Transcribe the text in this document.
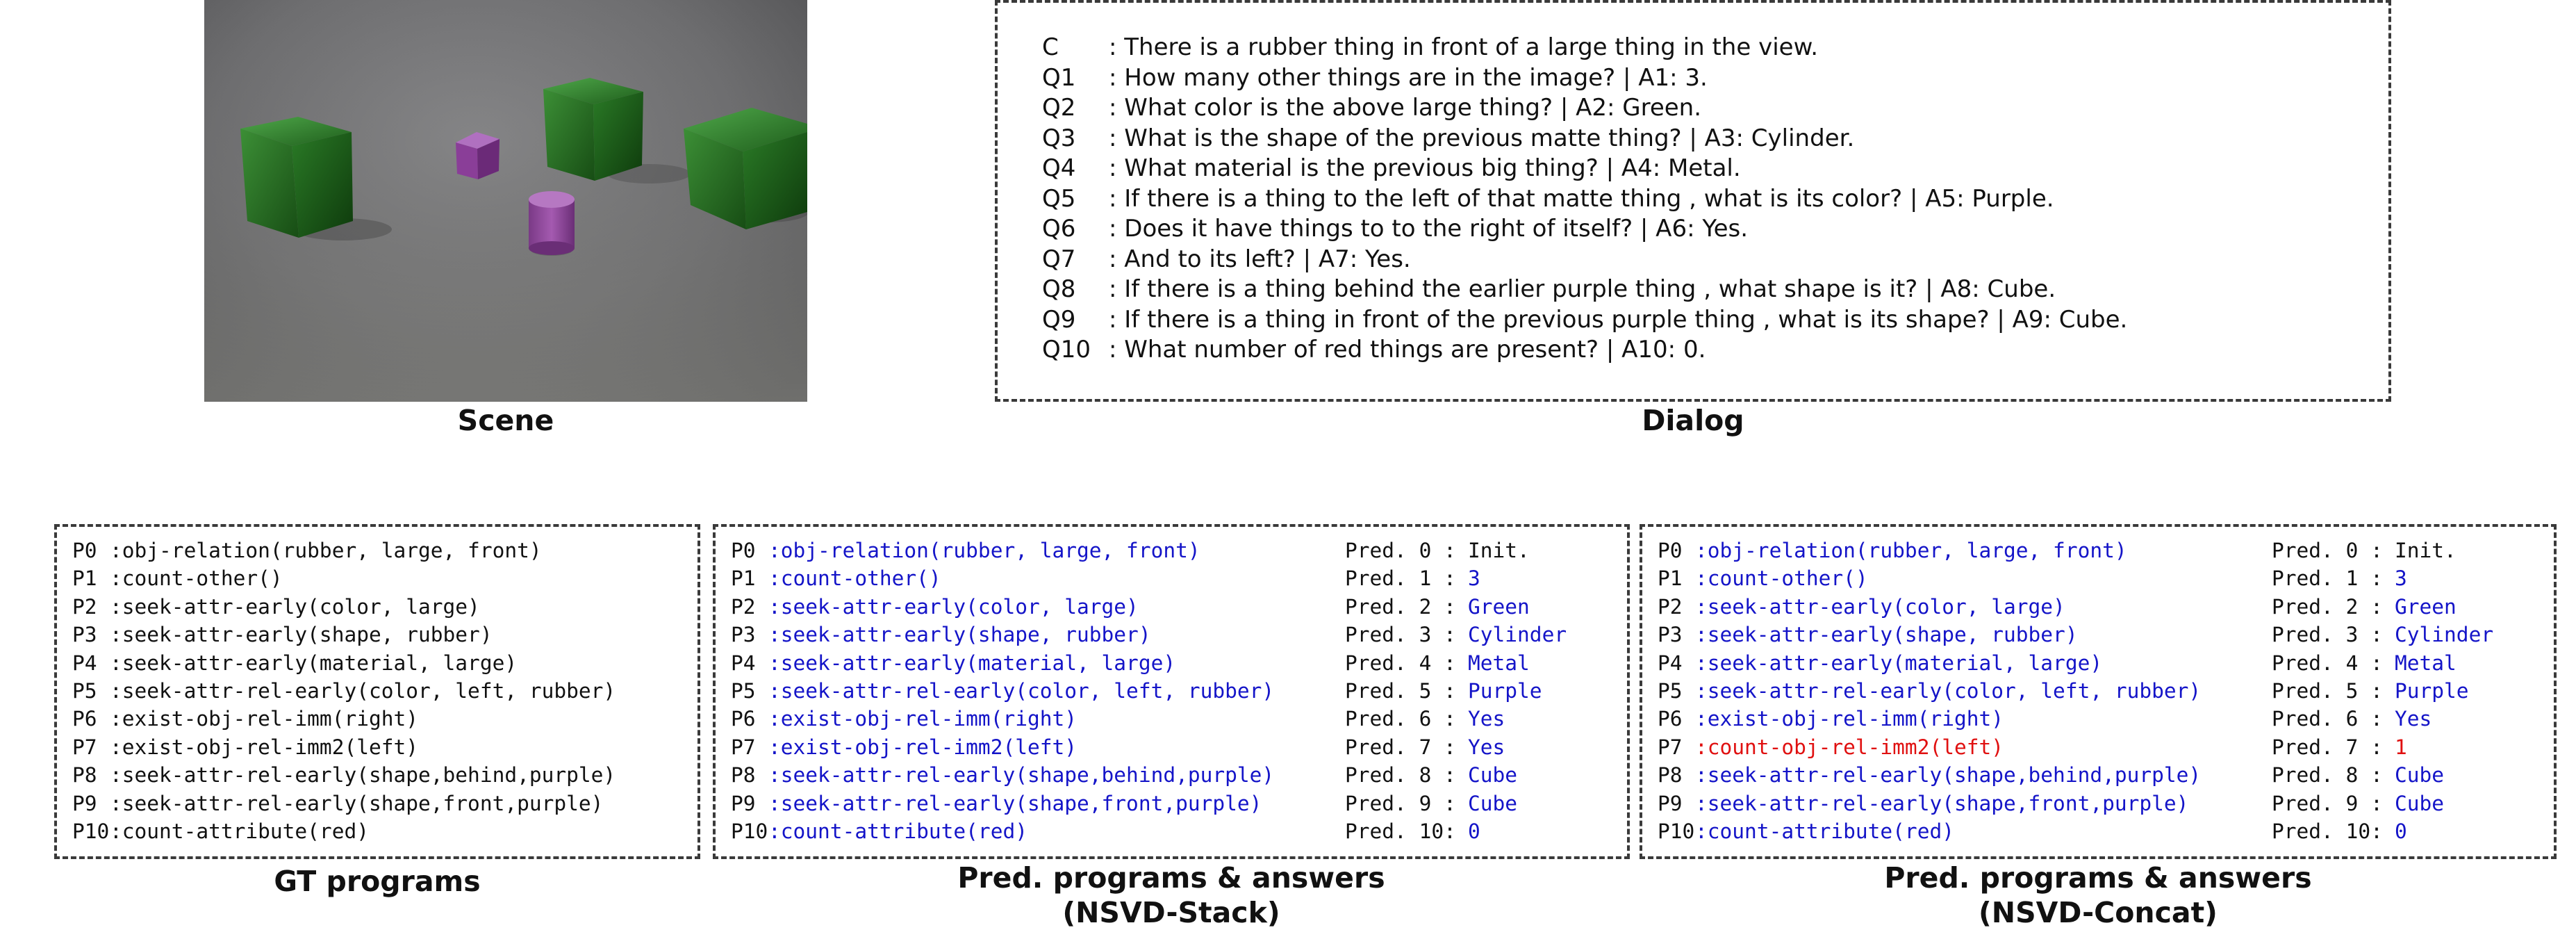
Scene
C : There is a rubber thing in front of a large thing in the view.
Q1 : How many other things are in the image? | A1: 3.
Q2 : What color is the above large thing? | A2: Green.
Q3 : What is the shape of the previous matte thing? | A3: Cylinder.
Q4 : What material is the previous big thing? | A4: Metal.
Q5 : If there is a thing to the left of that matte thing , what is its color? | A5: Purple.
Q6 : Does it have things to to the right of itself? | A6: Yes.
Q7 : And to its left? | A7: Yes.
Q8 : If there is a thing behind the earlier purple thing , what shape is it? | A8: Cube.
Q9 : If there is a thing in front of the previous purple thing , what is its shape? | A9: Cube.
Q10 : What number of red things are present? | A10: 0.
Dialog
P0 :obj-relation(rubber, large, front)
P1 :count-other()
P2 :seek-attr-early(color, large)
P3 :seek-attr-early(shape, rubber)
P4 :seek-attr-early(material, large)
P5 :seek-attr-rel-early(color, left, rubber)
P6 :exist-obj-rel-imm(right)
P7 :exist-obj-rel-imm2(left)
P8 :seek-attr-rel-early(shape,behind,purple)
P9 :seek-attr-rel-early(shape,front,purple)
P10 :count-attribute(red)
GT programs
P0 :obj-relation(rubber, large, front)	Pred. 0 : Init.
P1 :count-other()	Pred. 1 : 3
P2 :seek-attr-early(color, large)	Pred. 2 : Green
P3 :seek-attr-early(shape, rubber)	Pred. 3 : Cylinder
P4 :seek-attr-early(material, large)	Pred. 4 : Metal
P5 :seek-attr-rel-early(color, left, rubber)	Pred. 5 : Purple
P6 :exist-obj-rel-imm(right)	Pred. 6 : Yes
P7 :exist-obj-rel-imm2(left)	Pred. 7 : Yes
P8 :seek-attr-rel-early(shape,behind,purple)	Pred. 8 : Cube
P9 :seek-attr-rel-early(shape,front,purple)	Pred. 9 : Cube
P10 :count-attribute(red)	Pred. 10: 0
Pred. programs & answers
(NSVD-Stack)
P0 :obj-relation(rubber, large, front)	Pred. 0 : Init.
P1 :count-other()	Pred. 1 : 3
P2 :seek-attr-early(color, large)	Pred. 2 : Green
P3 :seek-attr-early(shape, rubber)	Pred. 3 : Cylinder
P4 :seek-attr-early(material, large)	Pred. 4 : Metal
P5 :seek-attr-rel-early(color, left, rubber)	Pred. 5 : Purple
P6 :exist-obj-rel-imm(right)	Pred. 6 : Yes
P7 :count-obj-rel-imm2(left)	Pred. 7 : 1
P8 :seek-attr-rel-early(shape,behind,purple)	Pred. 8 : Cube
P9 :seek-attr-rel-early(shape,front,purple)	Pred. 9 : Cube
P10 :count-attribute(red)	Pred. 10: 0
Pred. programs & answers
(NSVD-Concat)
